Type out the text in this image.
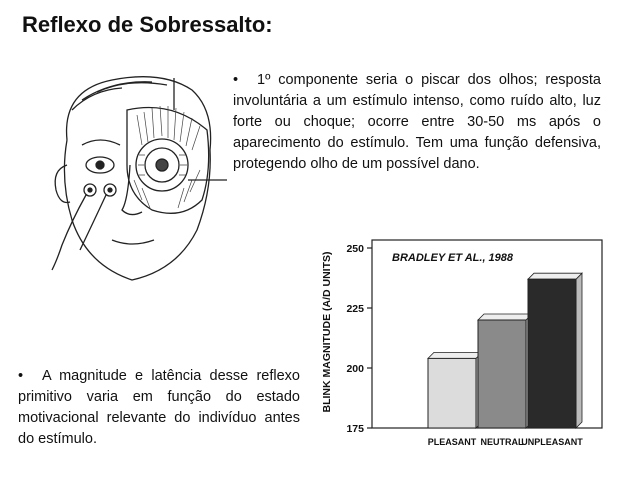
Reflexo de Sobressalto:

• 1º componente seria o piscar dos olhos; resposta involuntária a um estímulo intenso, como ruído alto, luz forte ou choque; ocorre entre 30-50 ms após o aparecimento do estímulo. Tem uma função defensiva, protegendo olho de um possível dano.

• A magnitude e latência desse reflexo primitivo varia em função do estado motivacional relevante do indivíduo antes do estímulo.

BLINK MAGNITUDE (A/D UNITS)
175
200
225
250
BRADLEY ET AL., 1988
PLEASANT NEUTRAL
UNPLEASANT
